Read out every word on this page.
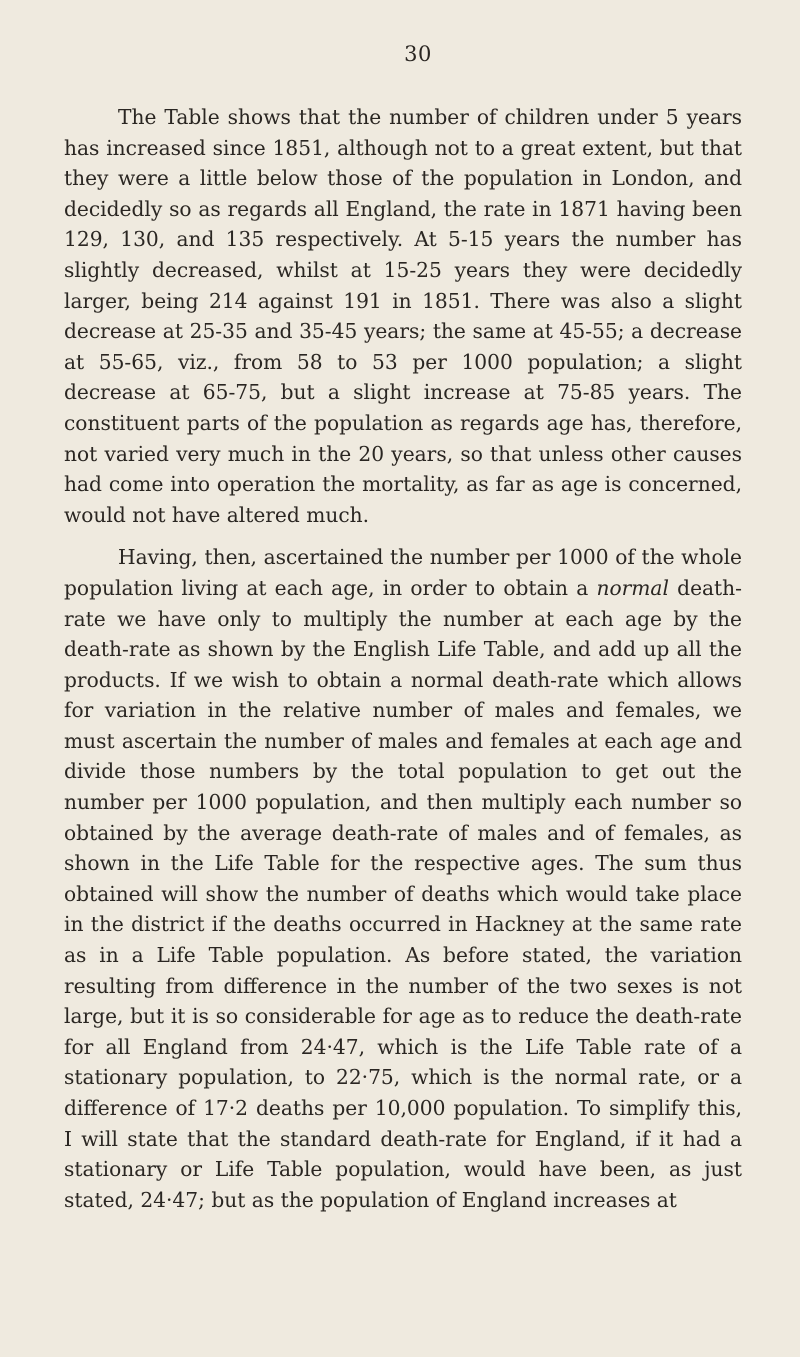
30

The Table shows that the number of children under 5 years has increased since 1851, although not to a great extent, but that they were a little below those of the population in London, and decidedly so as regards all England, the rate in 1871 having been 129, 130, and 135 respectively. At 5-15 years the number has slightly decreased, whilst at 15-25 years they were decidedly larger, being 214 against 191 in 1851. There was also a slight decrease at 25-35 and 35-45 years; the same at 45-55; a decrease at 55-65, viz., from 58 to 53 per 1000 population; a slight decrease at 65-75, but a slight increase at 75-85 years. The constituent parts of the population as regards age has, therefore, not varied very much in the 20 years, so that unless other causes had come into operation the mortality, as far as age is concerned, would not have altered much.

Having, then, ascertained the number per 1000 of the whole population living at each age, in order to obtain a normal death-rate we have only to multiply the number at each age by the death-rate as shown by the English Life Table, and add up all the products. If we wish to obtain a normal death-rate which allows for variation in the relative number of males and females, we must ascertain the number of males and females at each age and divide those numbers by the total population to get out the number per 1000 population, and then multiply each number so obtained by the average death-rate of males and of females, as shown in the Life Table for the respective ages. The sum thus obtained will show the number of deaths which would take place in the district if the deaths occurred in Hackney at the same rate as in a Life Table population. As before stated, the variation resulting from difference in the number of the two sexes is not large, but it is so considerable for age as to reduce the death-rate for all England from 24·47, which is the Life Table rate of a stationary population, to 22·75, which is the normal rate, or a difference of 17·2 deaths per 10,000 population. To simplify this, I will state that the standard death-rate for England, if it had a stationary or Life Table population, would have been, as just stated, 24·47; but as the population of England increases at
